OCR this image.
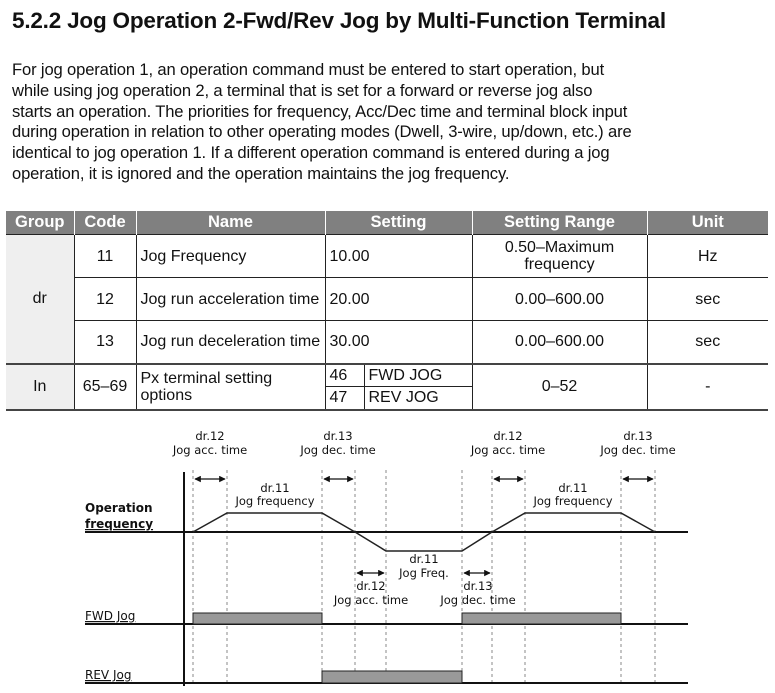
5.2.2 Jog Operation 2-Fwd/Rev Jog by Multi-Function Terminal

For jog operation 1, an operation command must be entered to start operation, but

while using jog operation 2, a terminal that is set for a forward or reverse jog also

starts an operation. The priorities for frequency, Acc/Dec time and terminal block input

during operation in relation to other operating modes (Dwell, 3-wire, up/down, etc.) are

identical to jog operation 1. If a different operation command is entered during a jog

operation, it is ignored and the operation maintains the jog frequency.

Group	Code	Name	Setting		Setting Range	Unit
dr	11	Jog Frequency	10.00		0.50–Maximum frequency	Hz
	12	Jog run acceleration time	20.00		0.00–600.00	sec
	13	Jog run deceleration time	30.00		0.00–600.00	sec
In	65–69	Px terminal setting options	46	FWD JOG	0–52	-
			47	REV JOG		
Operation
frequency
FWD Jog
REV Jog
dr.12
Jog acc. time
dr.13
Jog dec. time
dr.12
Jog acc. time
dr.13
Jog dec. time
dr.11
Jog frequency
dr.11
Jog frequency
dr.11
Jog Freq.
dr.12
Jog acc. time
dr.13
Jog dec. time
